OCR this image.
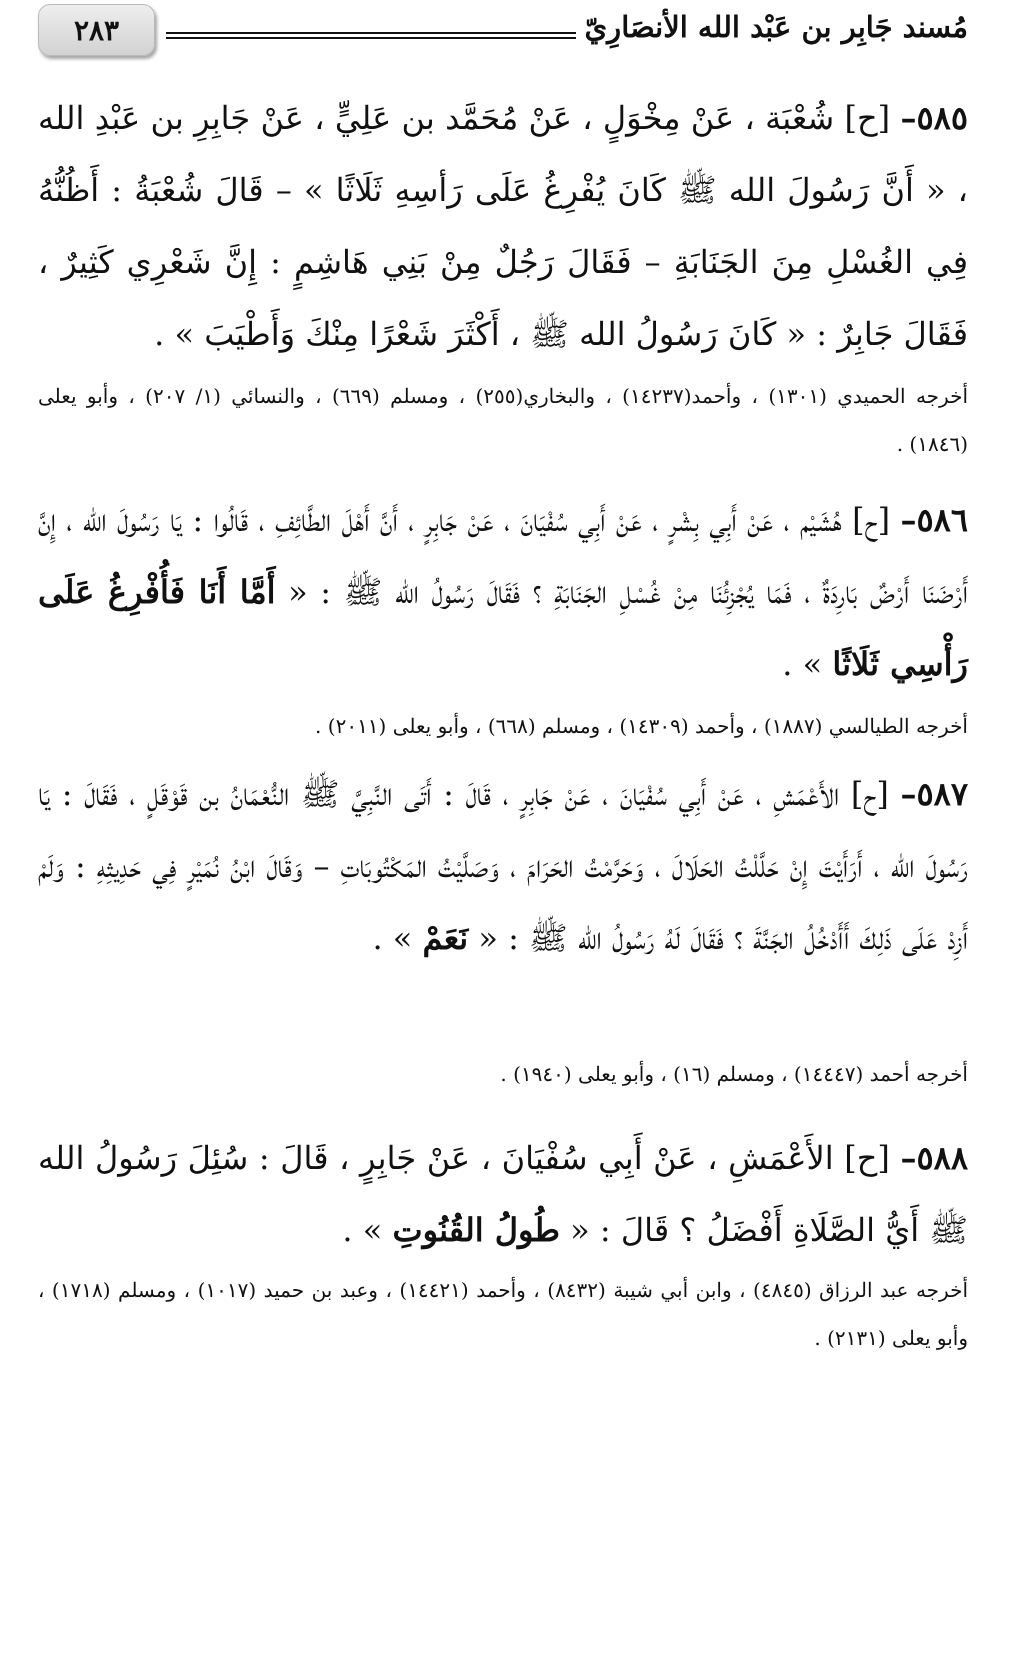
مُسند جَابِر بن عَبْد الله الأنصَارِيّ
٢٨٣

٥٨٥– [ح] شُعْبَة ، عَنْ مِخْوَلٍ ، عَنْ مُحَمَّد بن عَلِيٍّ ، عَنْ جَابِرِ بن عَبْدِ الله ، « أَنَّ رَسُولَ الله ﷺ كَانَ يُفْرِغُ عَلَى رَأسِهِ ثَلَاثًا » – قَالَ شُعْبَةُ : أَظُنُّهُ فِي الغُسْلِ مِنَ الجَنَابَةِ – فَقَالَ رَجُلٌ مِنْ بَنِي هَاشِمٍ : إِنَّ شَعْرِي كَثِيرٌ ، فَقَالَ جَابِرٌ : « كَانَ رَسُولُ الله ﷺ ، أَكْثَرَ شَعْرًا مِنْكَ وَأَطْيَبَ » .

أخرجه الحميدي (١٣٠١) ، وأحمد(١٤٢٣٧) ، والبخاري(٢٥٥) ، ومسلم (٦٦٩) ، والنسائي (١/ ٢٠٧) ، وأبو يعلى (١٨٤٦) .

٥٨٦– [ح] هُشَيْم ، عَنْ أَبِي بِشْرٍ ، عَنْ أَبِي سُفْيَانَ ، عَنْ جَابِرٍ ، أَنَّ أَهْلَ الطَّائِفِ ، قَالُوا : يَا رَسُولَ الله ، إِنَّ أَرْضَنَا أَرْضٌ بَارِدَةٌ ، فَمَا يُجْزِئُنَا مِنْ غُسْلِ الجَنَابَةِ ؟ فَقَالَ رَسُولُ الله ﷺ : « أَمَّا أَنَا فَأُفْرِغُ عَلَى رَأْسِي ثَلَاثًا » .

أخرجه الطيالسي (١٨٨٧) ، وأحمد (١٤٣٠٩) ، ومسلم (٦٦٨) ، وأبو يعلى (٢٠١١) .

٥٨٧– [ح] الأَعْمَشِ ، عَنْ أَبِي سُفْيَانَ ، عَنْ جَابِرٍ ، قَالَ : أَتَى النَّبِيَّ ﷺ النُّعْمَانُ بن قَوْقَلٍ ، فَقَالَ : يَا رَسُولَ الله ، أَرَأَيْتَ إِنْ حَلَّلْتُ الحَلَالَ ، وَحَرَّمْتُ الحَرَامَ ، وَصَلَّيْتُ المَكْتُوبَاتِ – وَقَالَ ابْنُ نُمَيْرٍ فِي حَدِيثِهِ : وَلَمْ أَزِدْ عَلَى ذَلِكَ أَأَدْخُلُ الجَنَّةَ ؟ فَقَالَ لَهُ رَسُولُ الله ﷺ : « نَعَمْ » .

أخرجه أحمد (١٤٤٤٧) ، ومسلم (١٦) ، وأبو يعلى (١٩٤٠) .

٥٨٨– [ح] الأَعْمَشِ ، عَنْ أَبِي سُفْيَانَ ، عَنْ جَابِرٍ ، قَالَ : سُئِلَ رَسُولُ الله ﷺ أَيُّ الصَّلَاةِ أَفْضَلُ ؟ قَالَ : « طُولُ القُنُوتِ » .

أخرجه عبد الرزاق (٤٨٤٥) ، وابن أبي شيبة (٨٤٣٢) ، وأحمد (١٤٤٢١) ، وعبد بن حميد (١٠١٧) ، ومسلم (١٧١٨) ، وأبو يعلى (٢١٣١) .
